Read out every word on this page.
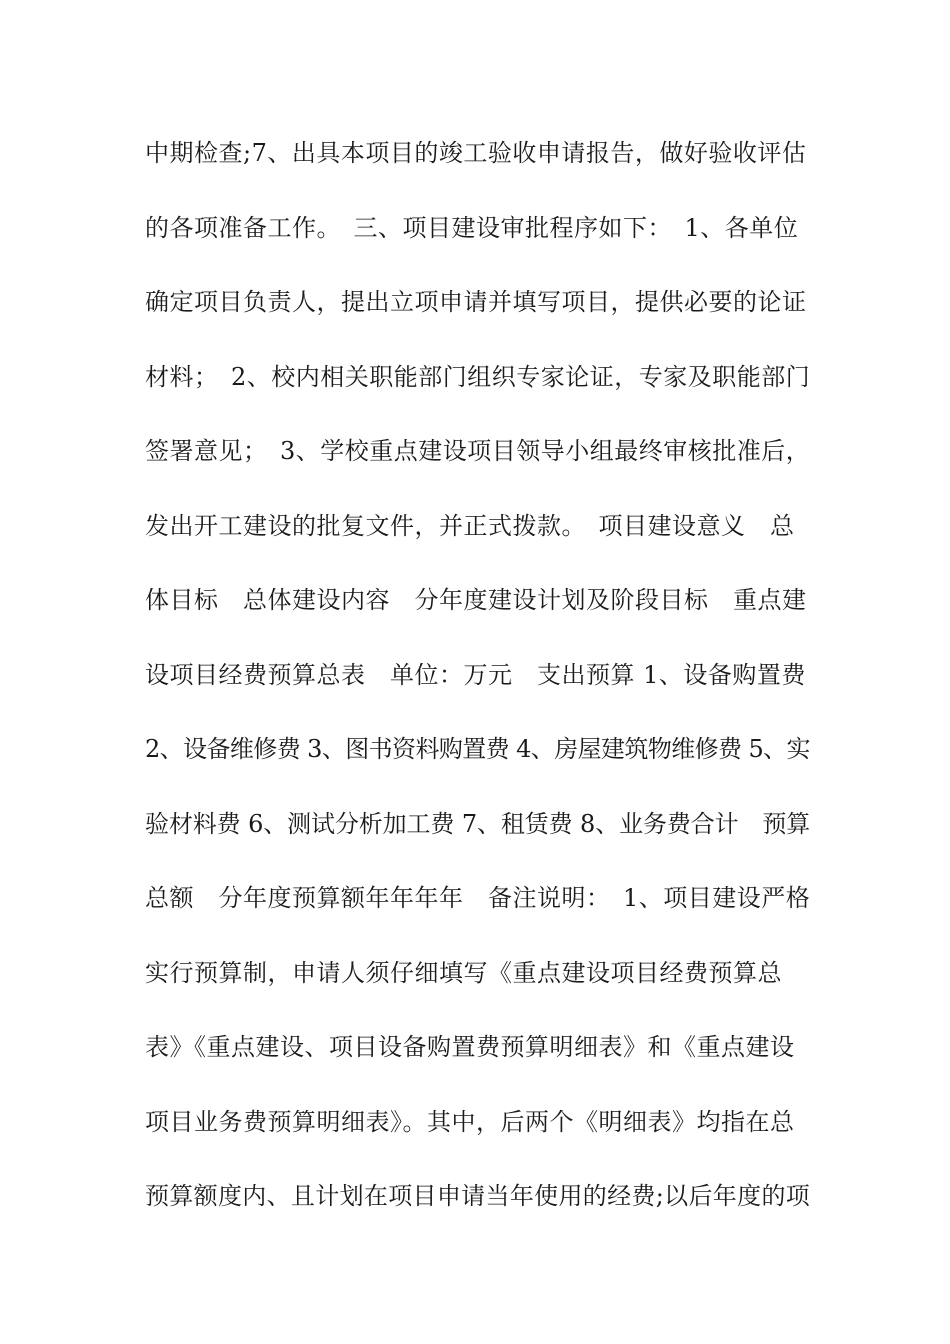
中期检查;7、出具本项目的竣工验收申请报告，做好验收评估
的各项准备工作。　三、项目建设审批程序如下：　1、各单位
确定项目负责人，提出立项申请并填写项目，提供必要的论证
材料；　2、校内相关职能部门组织专家论证，专家及职能部门
签署意见；　3、学校重点建设项目领导小组最终审核批准后，
发出开工建设的批复文件，并正式拨款。　项目建设意义　总
体目标　总体建设内容　分年度建设计划及阶段目标　重点建
设项目经费预算总表　单位：万元　支出预算 1、设备购置费
2、设备维修费 3、图书资料购置费 4、房屋建筑物维修费 5、实
验材料费 6、测试分析加工费 7、租赁费 8、业务费合计　预算
总额　分年度预算额年年年年　备注说明：　1、项目建设严格
实行预算制，申请人须仔细填写《重点建设项目经费预算总
表》《重点建设、项目设备购置费预算明细表》和《重点建设
项目业务费预算明细表》。其中，后两个《明细表》均指在总
预算额度内、且计划在项目申请当年使用的经费;以后年度的项
